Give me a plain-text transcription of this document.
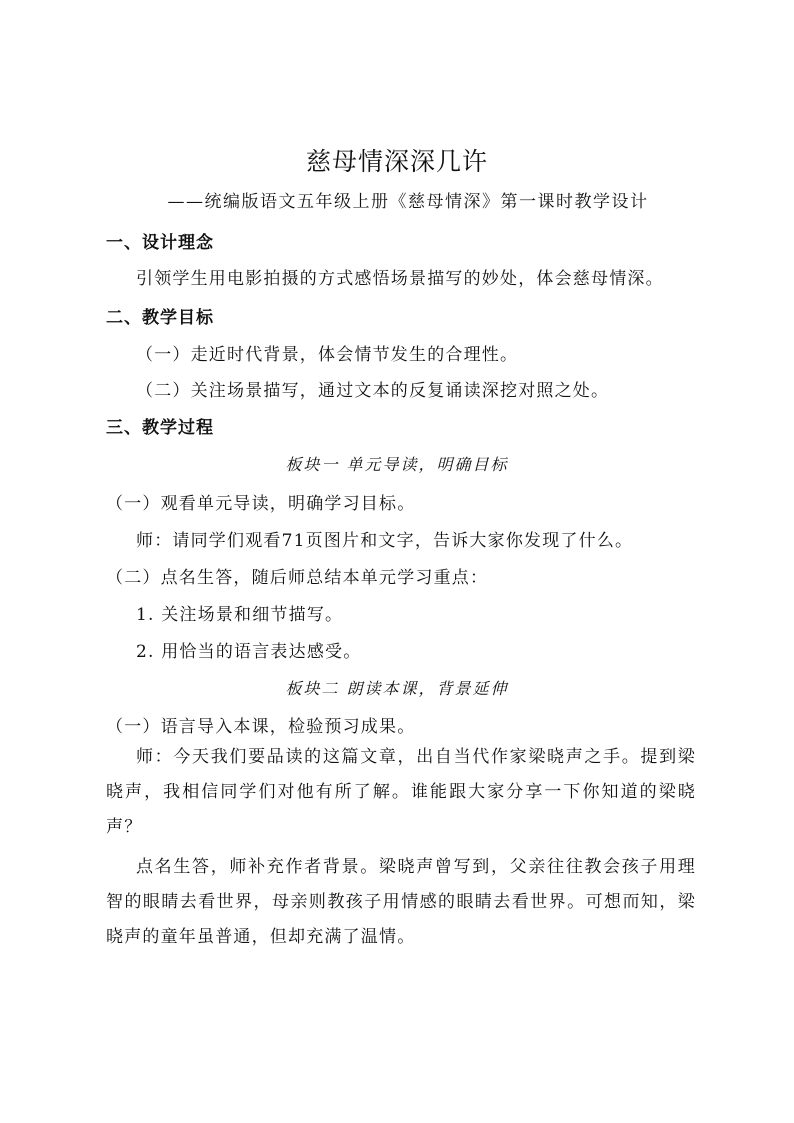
慈母情深深几许
——统编版语文五年级上册《慈母情深》第一课时教学设计
一、设计理念
引领学生用电影拍摄的方式感悟场景描写的妙处，体会慈母情深。
二、教学目标
（一）走近时代背景，体会情节发生的合理性。
（二）关注场景描写，通过文本的反复诵读深挖对照之处。
三、教学过程
板块一 单元导读，明确目标
（一）观看单元导读，明确学习目标。
师：请同学们观看71页图片和文字，告诉大家你发现了什么。
（二）点名生答，随后师总结本单元学习重点：
1. 关注场景和细节描写。
2. 用恰当的语言表达感受。
板块二 朗读本课，背景延伸
（一）语言导入本课，检验预习成果。
师：今天我们要品读的这篇文章，出自当代作家梁晓声之手。提到梁晓声，我相信同学们对他有所了解。谁能跟大家分享一下你知道的梁晓声？
点名生答，师补充作者背景。梁晓声曾写到，父亲往往教会孩子用理智的眼睛去看世界，母亲则教孩子用情感的眼睛去看世界。可想而知，梁晓声的童年虽普通，但却充满了温情。
